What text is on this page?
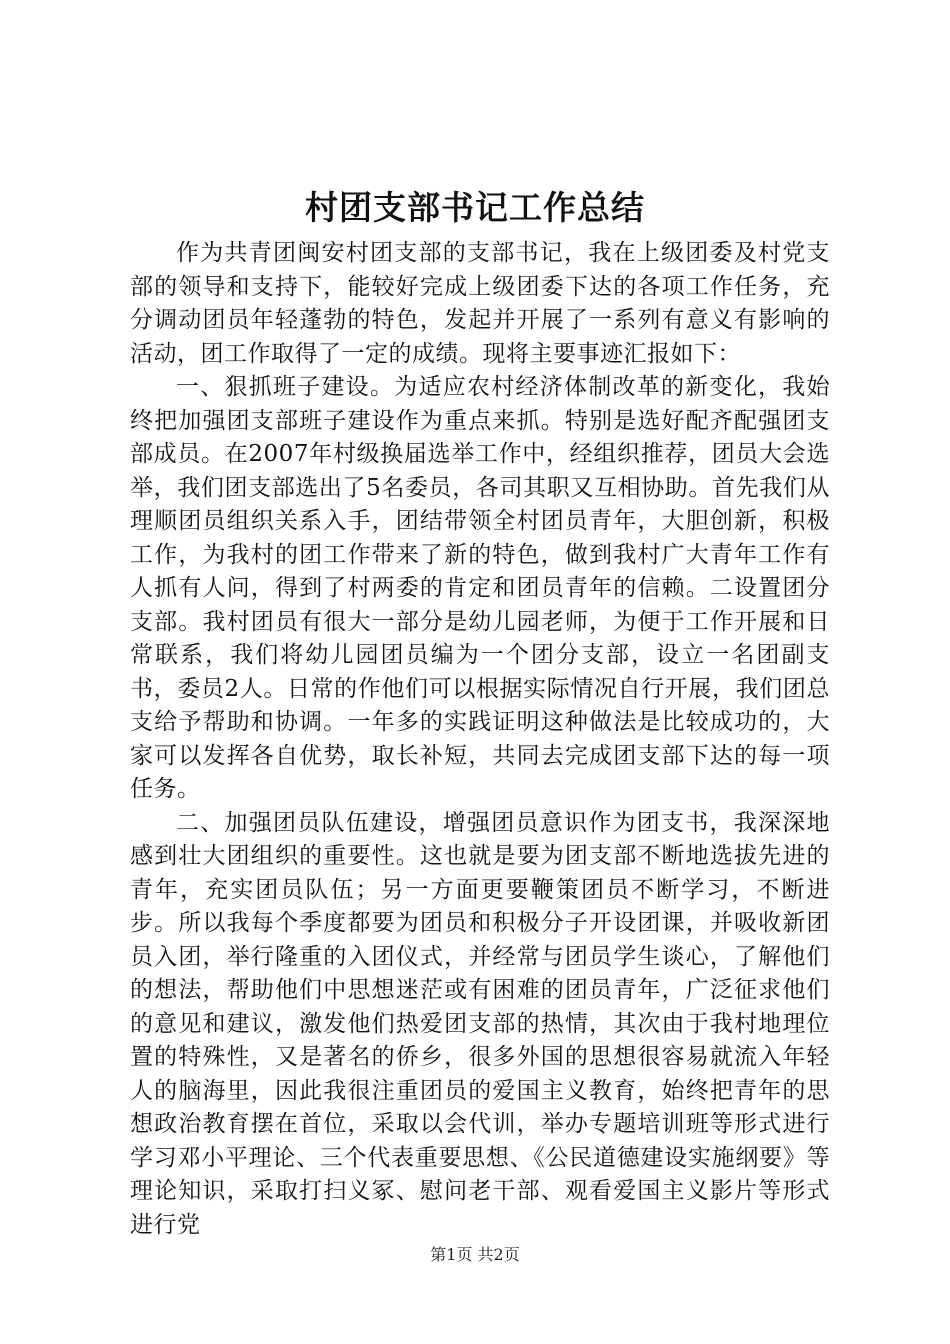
村团支部书记工作总结

作为共青团闽安村团支部的支部书记，我在上级团委及村党支部的领导和支持下，能较好完成上级团委下达的各项工作任务，充分调动团员年轻蓬勃的特色，发起并开展了一系列有意义有影响的活动，团工作取得了一定的成绩。现将主要事迹汇报如下：

一、狠抓班子建设。为适应农村经济体制改革的新变化，我始终把加强团支部班子建设作为重点来抓。特别是选好配齐配强团支部成员。在2007年村级换届选举工作中，经组织推荐，团员大会选举，我们团支部选出了5名委员，各司其职又互相协助。首先我们从理顺团员组织关系入手，团结带领全村团员青年，大胆创新，积极工作，为我村的团工作带来了新的特色，做到我村广大青年工作有人抓有人问，得到了村两委的肯定和团员青年的信赖。二设置团分支部。我村团员有很大一部分是幼儿园老师，为便于工作开展和日常联系，我们将幼儿园团员编为一个团分支部，设立一名团副支书，委员2人。日常的作他们可以根据实际情况自行开展，我们团总支给予帮助和协调。一年多的实践证明这种做法是比较成功的，大家可以发挥各自优势，取长补短，共同去完成团支部下达的每一项任务。

二、加强团员队伍建设，增强团员意识作为团支书，我深深地感到壮大团组织的重要性。这也就是要为团支部不断地选拔先进的青年，充实团员队伍；另一方面更要鞭策团员不断学习，不断进步。所以我每个季度都要为团员和积极分子开设团课，并吸收新团员入团，举行隆重的入团仪式，并经常与团员学生谈心，了解他们的想法，帮助他们中思想迷茫或有困难的团员青年，广泛征求他们的意见和建议，激发他们热爱团支部的热情，其次由于我村地理位置的特殊性，又是著名的侨乡，很多外国的思想很容易就流入年轻人的脑海里，因此我很注重团员的爱国主义教育，始终把青年的思想政治教育摆在首位，采取以会代训，举办专题培训班等形式进行学习邓小平理论、三个代表重要思想、《公民道德建设实施纲要》等理论知识，采取打扫义冢、慰问老干部、观看爱国主义影片等形式进行党

第1页 共2页
